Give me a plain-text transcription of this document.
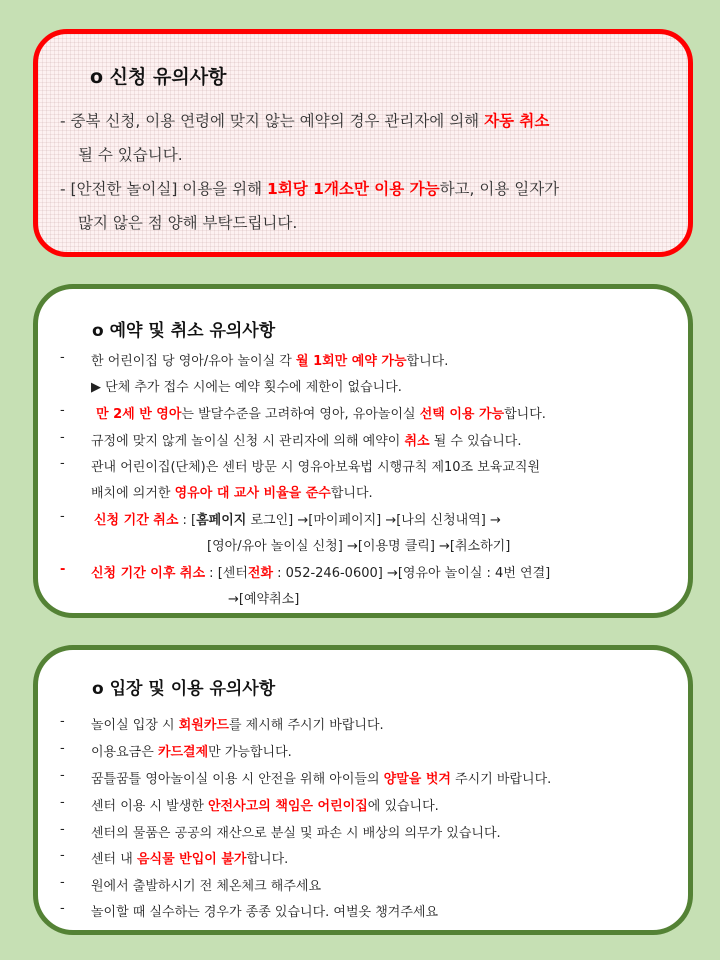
o 신청 유의사항
- 중복 신청, 이용 연령에 맞지 않는 예약의 경우 관리자에 의해 자동 취소
될 수 있습니다.
- [안전한 놀이실] 이용을 위해 1회당 1개소만 이용 가능하고, 이용 일자가
많지 않은 점 양해 부탁드립니다.
o 예약 및 취소 유의사항
- 한 어린이집 당 영아/유아 놀이실 각 월 1회만 예약 가능합니다.
▶ 단체 추가 접수 시에는 예약 횟수에 제한이 없습니다.
- 만 2세 반 영아는 발달수준을 고려하여 영아, 유아놀이실 선택 이용 가능합니다.
- 규정에 맞지 않게 놀이실 신청 시 관리자에 의해 예약이 취소 될 수 있습니다.
- 관내 어린이집(단체)은 센터 방문 시 영유아보육법 시행규칙 제10조 보육교직원
배치에 의거한 영유아 대 교사 비율을 준수합니다.
- 신청 기간 취소 : [홈페이지 로그인] →[마이페이지] →[나의 신청내역] →
[영아/유아 놀이실 신청] →[이용명 클릭] →[취소하기]
- 신청 기간 이후 취소 : [센터전화 : 052-246-0600] →[영유아 놀이실 : 4번 연결]
→[예약취소]
o 입장 및 이용 유의사항
- 놀이실 입장 시 회원카드를 제시해 주시기 바랍니다.
- 이용요금은 카드결제만 가능합니다.
- 꿈틀꿈틀 영아놀이실 이용 시 안전을 위해 아이들의 양말을 벗겨 주시기 바랍니다.
- 센터 이용 시 발생한 안전사고의 책임은 어린이집에 있습니다.
- 센터의 물품은 공공의 재산으로 분실 및 파손 시 배상의 의무가 있습니다.
- 센터 내 음식물 반입이 불가합니다.
- 원에서 출발하시기 전 체온체크 해주세요
- 놀이할 때 실수하는 경우가 종종 있습니다. 여벌옷 챙겨주세요
